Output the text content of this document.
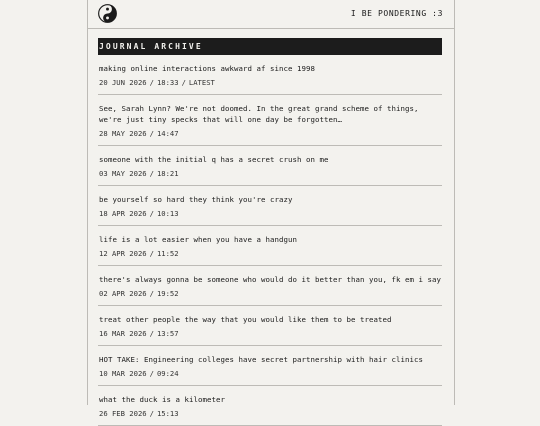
I BE PONDERING :3
JOURNAL ARCHIVE
making online interactions awkward af since 1998
20 JUN 2026 / 18:33 / LATEST
See, Sarah Lynn? We're not doomed. In the great grand scheme of things, we're just tiny specks that will one day be forgotten…
28 MAY 2026 / 14:47
someone with the initial q has a secret crush on me
03 MAY 2026 / 18:21
be yourself so hard they think you're crazy
18 APR 2026 / 10:13
life is a lot easier when you have a handgun
12 APR 2026 / 11:52
there's always gonna be someone who would do it better than you, fk em i say
02 APR 2026 / 19:52
treat other people the way that you would like them to be treated
16 MAR 2026 / 13:57
HOT TAKE: Engineering colleges have secret partnership with hair clinics
10 MAR 2026 / 09:24
what the duck is a kilometer
26 FEB 2026 / 15:13
